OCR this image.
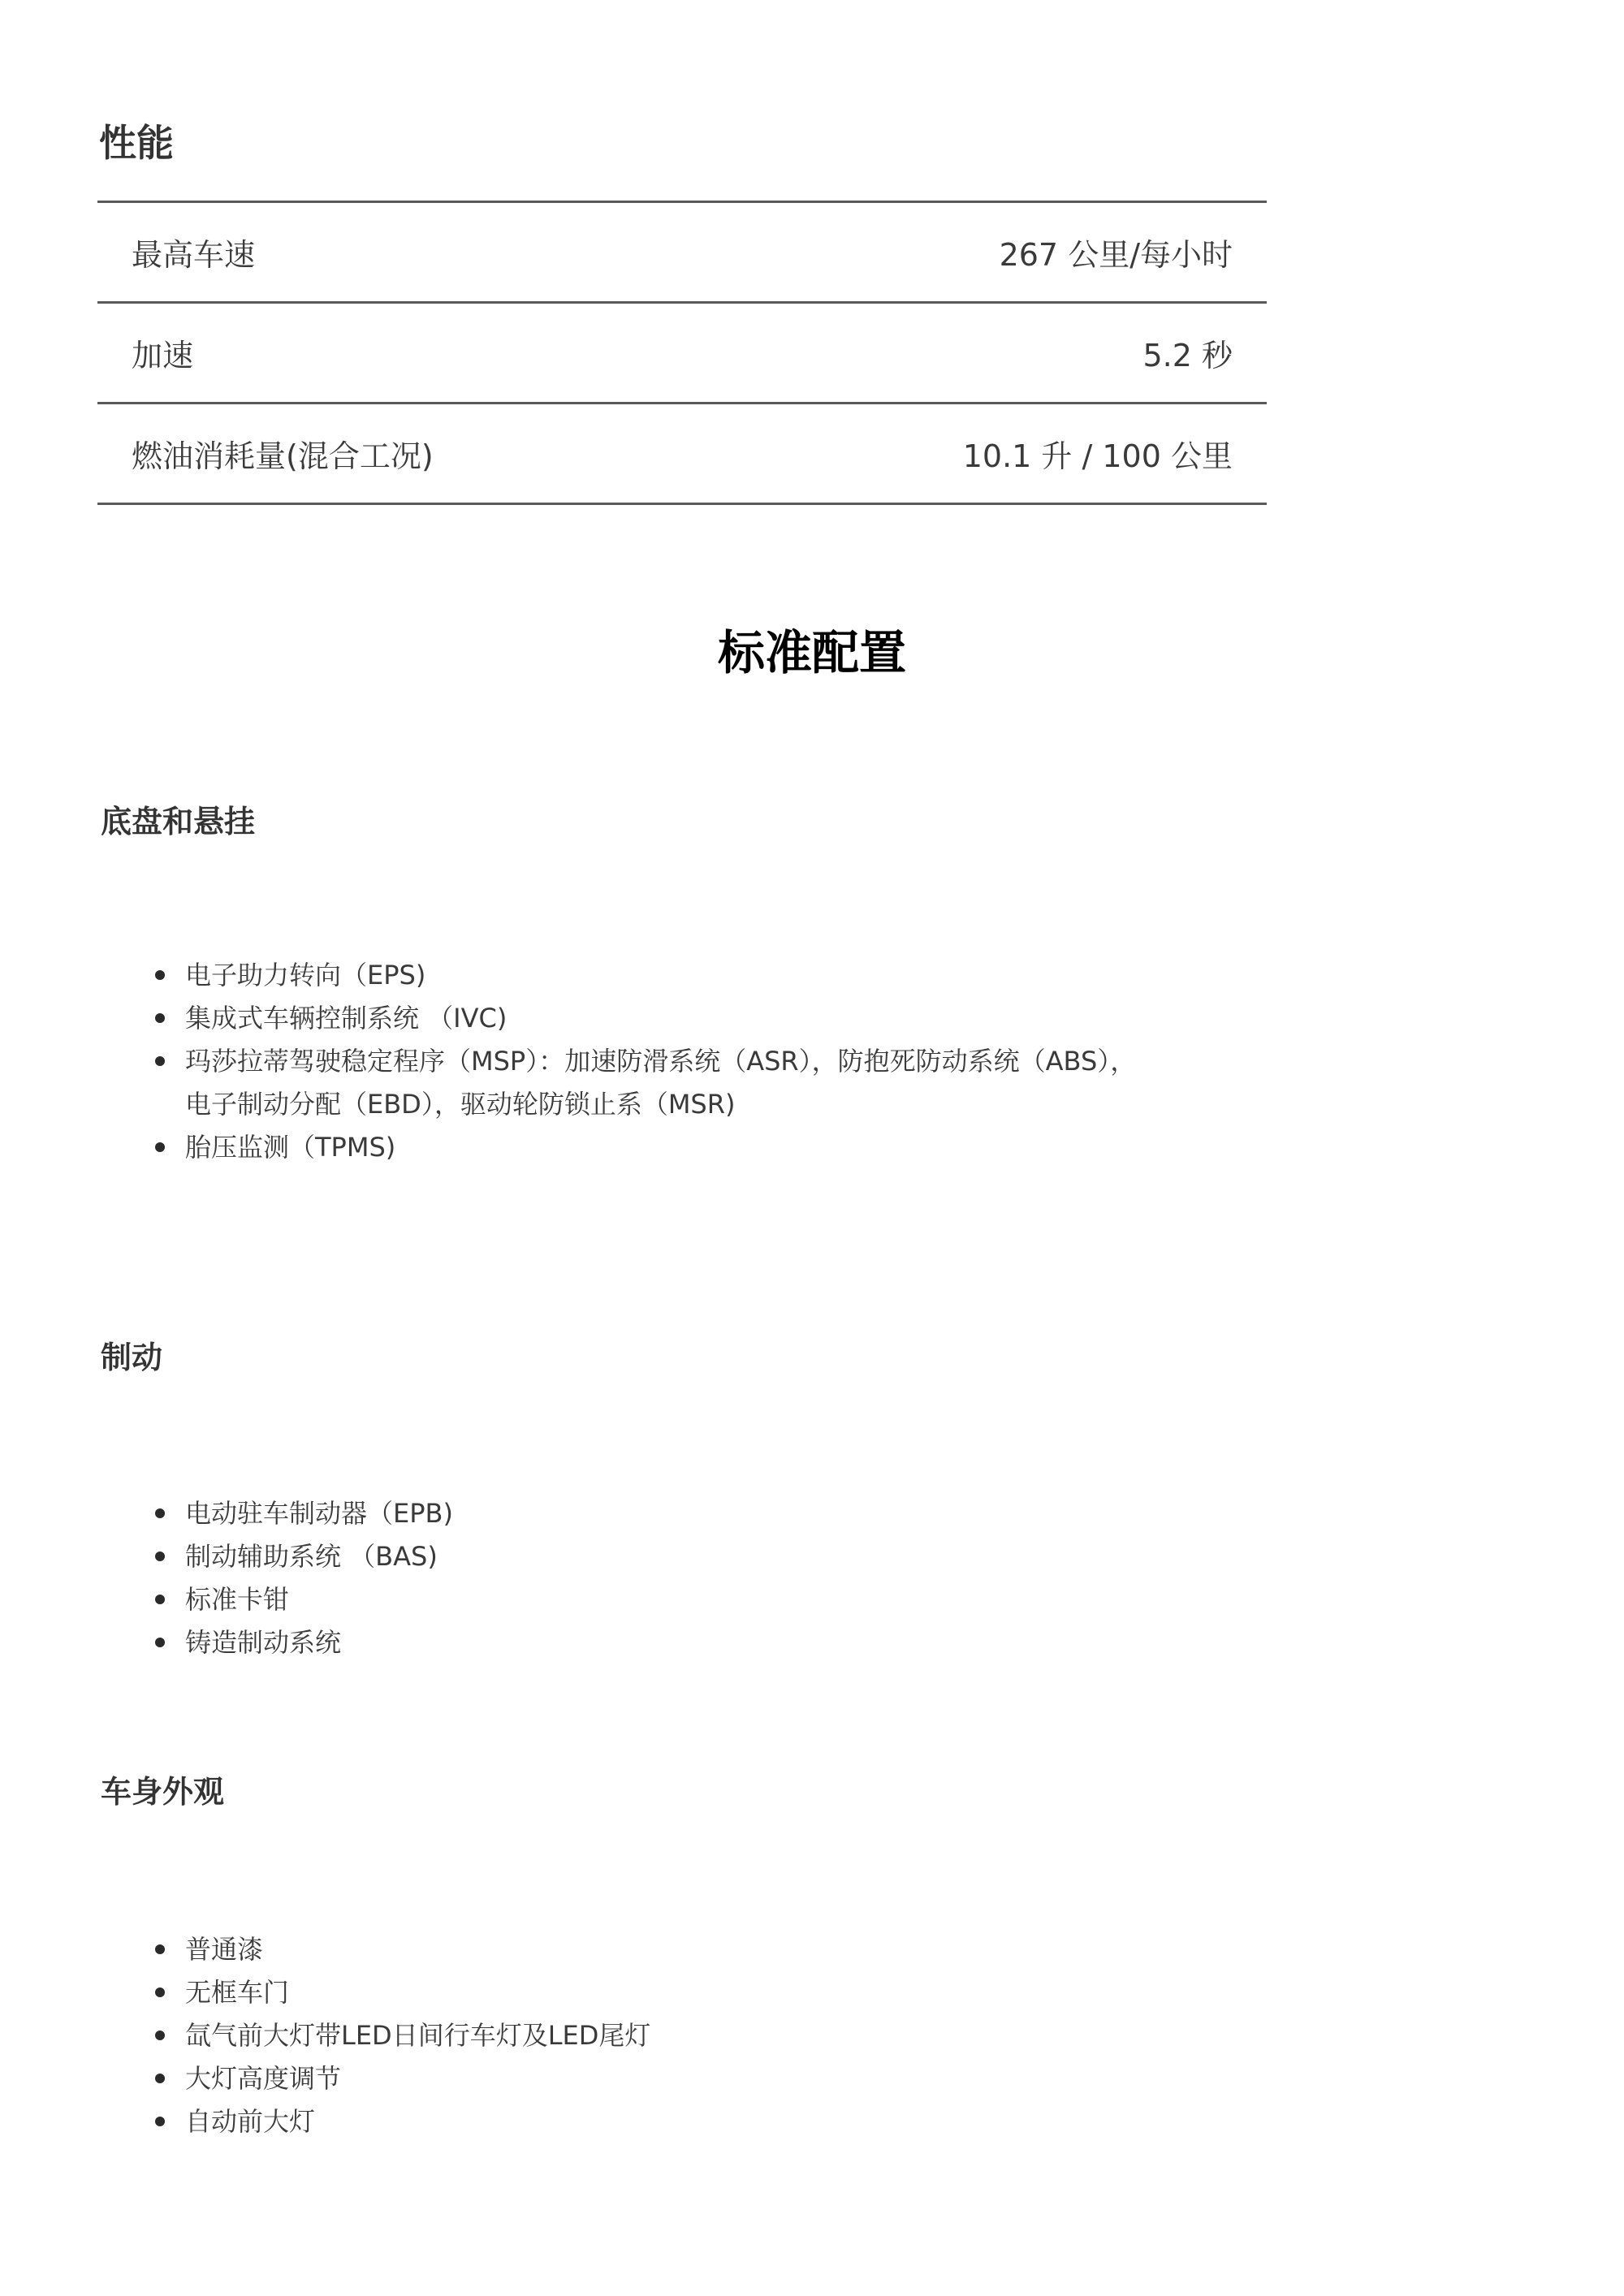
性能
最高车速	267 公里/每小时
加速	5.2 秒
燃油消耗量(混合工况)	10.1 升 / 100 公里
标准配置
底盘和悬挂
电子助力转向（EPS)
集成式车辆控制系统 （IVC)
玛莎拉蒂驾驶稳定程序（MSP）：加速防滑系统（ASR），防抱死防动系统（ABS），电子制动分配（EBD），驱动轮防锁止系（MSR)
胎压监测（TPMS)
制动
电动驻车制动器（EPB)
制动辅助系统 （BAS)
标准卡钳
铸造制动系统
车身外观
普通漆
无框车门
氙气前大灯带LED日间行车灯及LED尾灯
大灯高度调节
自动前大灯
